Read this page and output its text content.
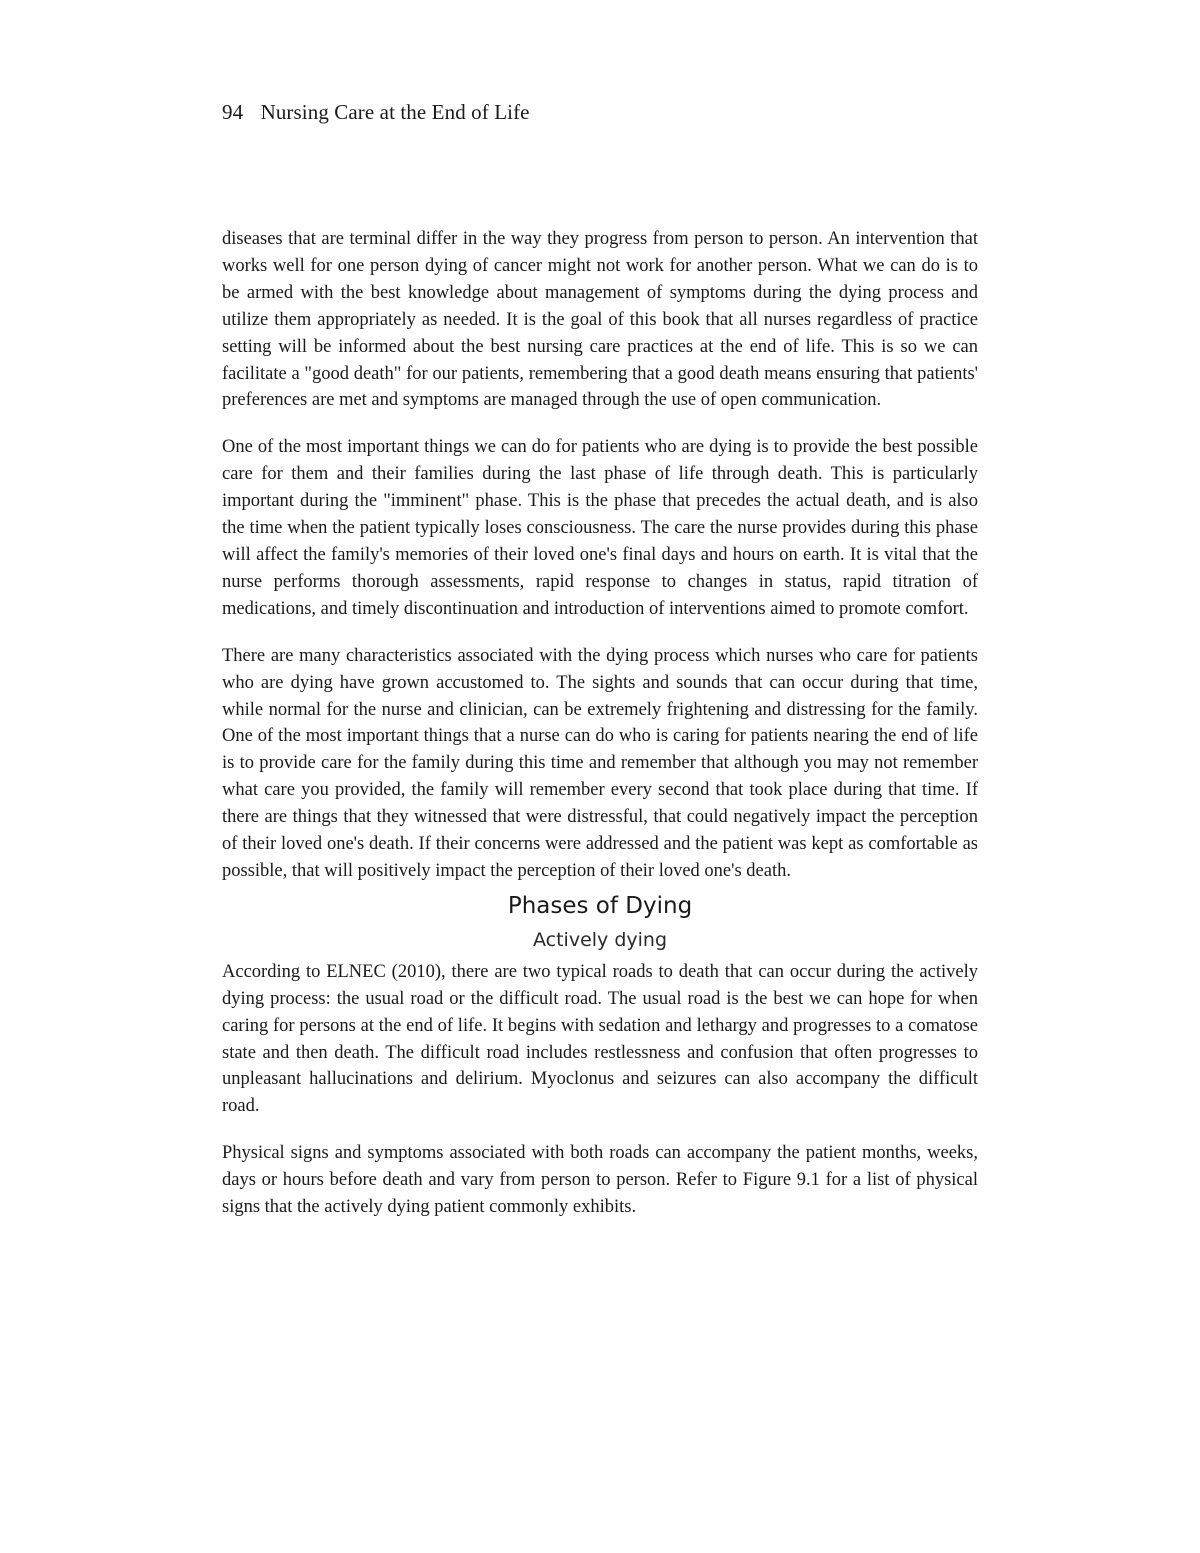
94 Nursing Care at the End of Life

diseases that are terminal differ in the way they progress from person to person. An intervention that works well for one person dying of cancer might not work for another person. What we can do is to be armed with the best knowledge about management of symptoms during the dying process and utilize them appropriately as needed. It is the goal of this book that all nurses regardless of practice setting will be informed about the best nursing care practices at the end of life. This is so we can facilitate a "good death" for our patients, remembering that a good death means ensuring that patients' preferences are met and symptoms are managed through the use of open communication.

One of the most important things we can do for patients who are dying is to provide the best possible care for them and their families during the last phase of life through death. This is particularly important during the "imminent" phase. This is the phase that precedes the actual death, and is also the time when the patient typically loses consciousness. The care the nurse provides during this phase will affect the family's memories of their loved one's final days and hours on earth. It is vital that the nurse performs thorough assessments, rapid response to changes in status, rapid titration of medications, and timely discontinuation and introduction of interventions aimed to promote comfort.

There are many characteristics associated with the dying process which nurses who care for patients who are dying have grown accustomed to. The sights and sounds that can occur during that time, while normal for the nurse and clinician, can be extremely frightening and distressing for the family. One of the most important things that a nurse can do who is caring for patients nearing the end of life is to provide care for the family during this time and remember that although you may not remember what care you provided, the family will remember every second that took place during that time. If there are things that they witnessed that were distressful, that could negatively impact the perception of their loved one's death. If their concerns were addressed and the patient was kept as comfortable as possible, that will positively impact the perception of their loved one's death.

Phases of Dying
Actively dying

According to ELNEC (2010), there are two typical roads to death that can occur during the actively dying process: the usual road or the difficult road. The usual road is the best we can hope for when caring for persons at the end of life. It begins with sedation and lethargy and progresses to a comatose state and then death. The difficult road includes restlessness and confusion that often progresses to unpleasant hallucinations and delirium. Myoclonus and seizures can also accompany the difficult road.

Physical signs and symptoms associated with both roads can accompany the patient months, weeks, days or hours before death and vary from person to person. Refer to Figure 9.1 for a list of physical signs that the actively dying patient commonly exhibits.
